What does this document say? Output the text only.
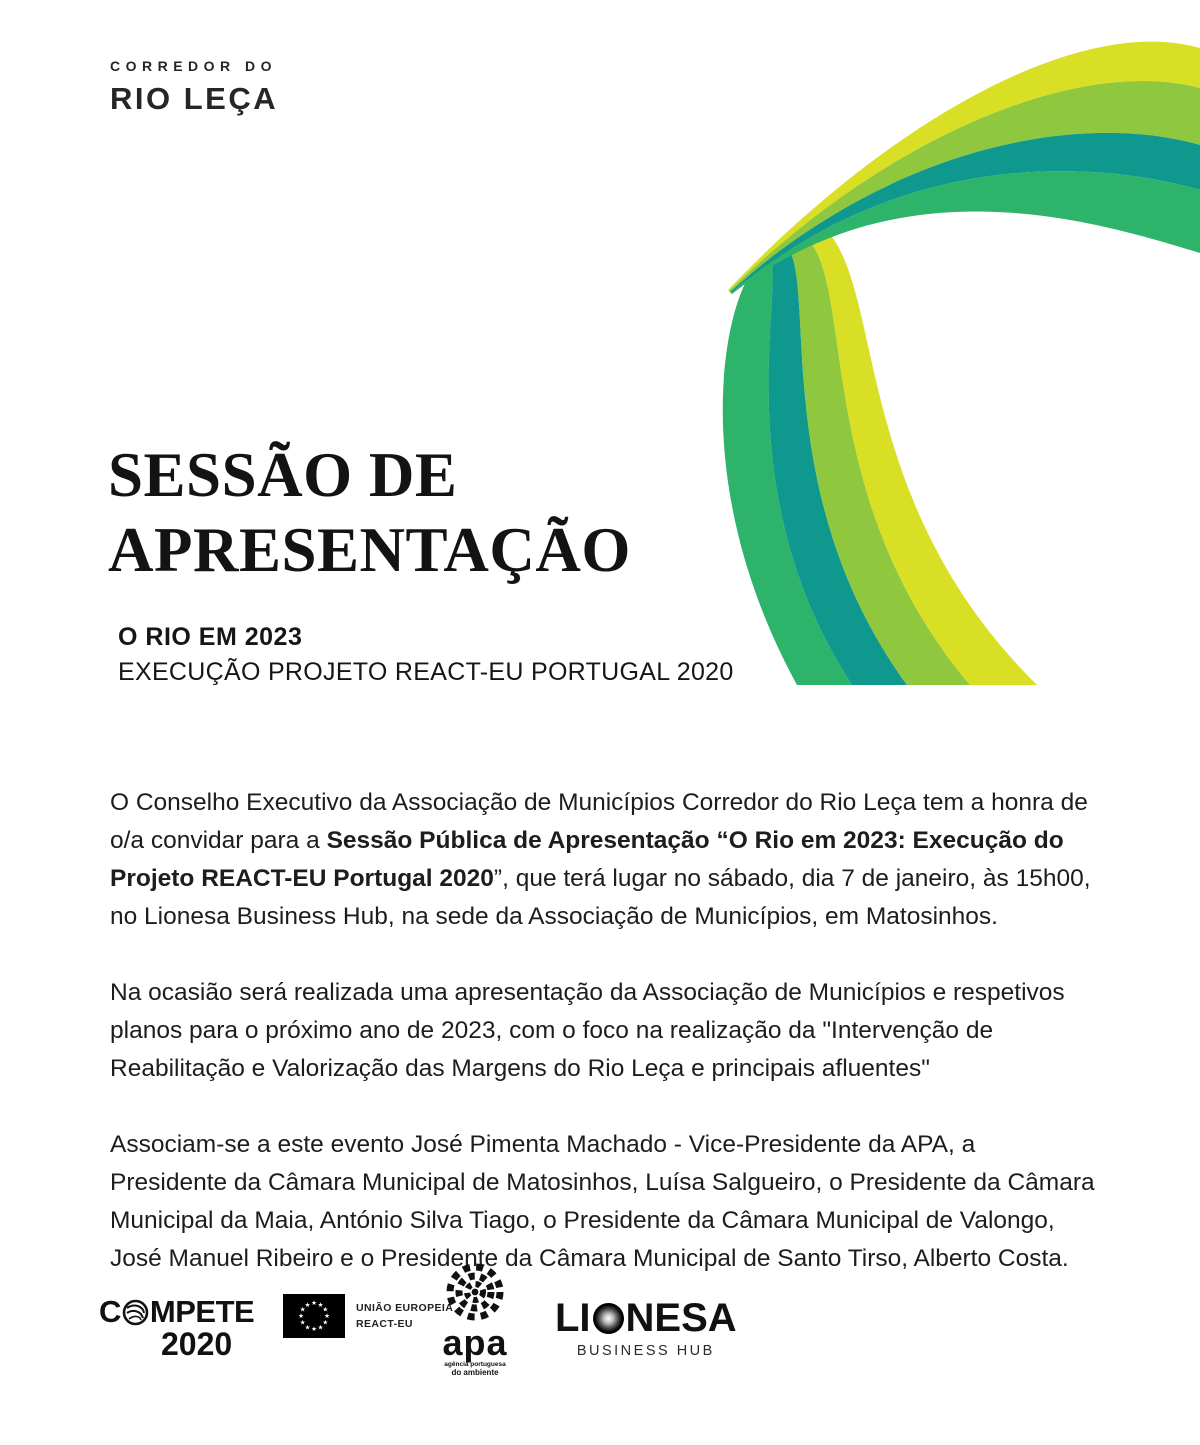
CORREDOR DO
RIO LEÇA
SESSÃO DE
APRESENTAÇÃO
O RIO EM 2023
EXECUÇÃO PROJETO REACT-EU PORTUGAL 2020

O Conselho Executivo da Associação de Municípios Corredor do Rio Leça tem a honra de o/a convidar para a Sessão Pública de Apresentação “O Rio em 2023: Execução do Projeto REACT-EU Portugal 2020”, que terá lugar no sábado, dia 7 de janeiro, às 15h00, no Lionesa Business Hub, na sede da Associação de Municípios, em Matosinhos.

Na ocasião será realizada uma apresentação da Associação de Municípios e respetivos planos para o próximo ano de 2023, com o foco na realização da "Intervenção de Reabilitação e Valorização das Margens do Rio Leça e principais afluentes"

Associam-se a este evento José Pimenta Machado - Vice-Presidente da APA, a Presidente da Câmara Municipal de Matosinhos, Luísa Salgueiro, o Presidente da Câmara Municipal da Maia, António Silva Tiago, o Presidente da Câmara Municipal de Valongo, José Manuel Ribeiro e o Presidente da Câmara Municipal de Santo Tirso, Alberto Costa.

C MPETE
2020
★ ★
★
★
★
★
★
★
★
★
★
★	UNIÃO EUROPEIA
REACT-EU apa
agência portuguesa
do ambiente
LI NESA
BUSINESS HUB
